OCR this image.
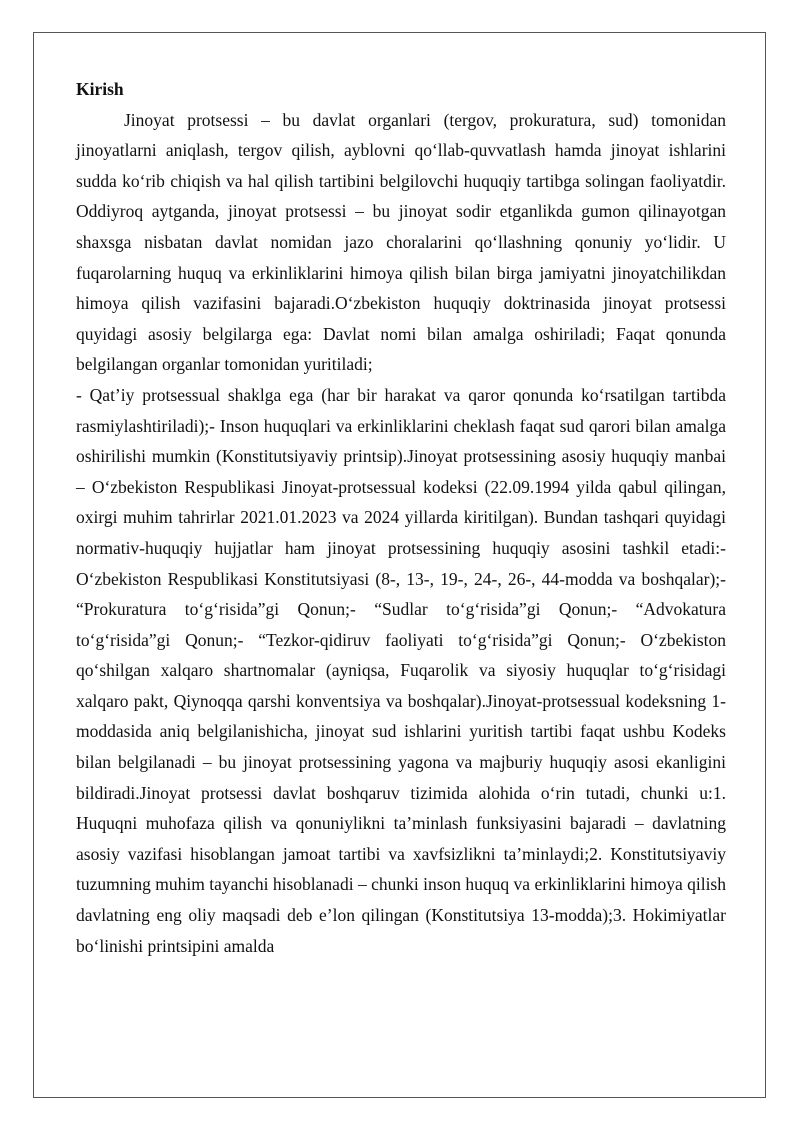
Kirish

Jinoyat protsessi – bu davlat organlari (tergov, prokuratura, sud) tomonidan jinoyatlarni aniqlash, tergov qilish, ayblovni qo‘llab-quvvatlash hamda jinoyat ishlarini sudda ko‘rib chiqish va hal qilish tartibini belgilovchi huquqiy tartibga solingan faoliyatdir. Oddiyroq aytganda, jinoyat protsessi – bu jinoyat sodir etganlikda gumon qilinayotgan shaxsga nisbatan davlat nomidan jazo choralarini qo‘llashning qonuniy yo‘lidir. U fuqarolarning huquq va erkinliklarini himoya qilish bilan birga jamiyatni jinoyatchilikdan himoya qilish vazifasini bajaradi.O‘zbekiston huquqiy doktrinasida jinoyat protsessi quyidagi asosiy belgilarga ega: Davlat nomi bilan amalga oshiriladi; Faqat qonunda belgilangan organlar tomonidan yuritiladi;

- Qat’iy protsessual shaklga ega (har bir harakat va qaror qonunda ko‘rsatilgan tartibda rasmiylashtiriladi);- Inson huquqlari va erkinliklarini cheklash faqat sud qarori bilan amalga oshirilishi mumkin (Konstitutsiyaviy printsip).Jinoyat protsessining asosiy huquqiy manbai – O‘zbekiston Respublikasi Jinoyat-protsessual kodeksi (22.09.1994 yilda qabul qilingan, oxirgi muhim tahrirlar 2021.01.2023 va 2024 yillarda kiritilgan). Bundan tashqari quyidagi normativ-huquqiy hujjatlar ham jinoyat protsessining huquqiy asosini tashkil etadi:- O‘zbekiston Respublikasi Konstitutsiyasi (8-, 13-, 19-, 24-, 26-, 44-modda va boshqalar);- “Prokuratura to‘g‘risida”gi Qonun;- “Sudlar to‘g‘risida”gi Qonun;- “Advokatura to‘g‘risida”gi Qonun;- “Tezkor-qidiruv faoliyati to‘g‘risida”gi Qonun;- O‘zbekiston qo‘shilgan xalqaro shartnomalar (ayniqsa, Fuqarolik va siyosiy huquqlar to‘g‘risidagi xalqaro pakt, Qiynoqqa qarshi konventsiya va boshqalar).Jinoyat-protsessual kodeksning 1-moddasida aniq belgilanishicha, jinoyat sud ishlarini yuritish tartibi faqat ushbu Kodeks bilan belgilanadi – bu jinoyat protsessining yagona va majburiy huquqiy asosi ekanligini bildiradi.Jinoyat protsessi davlat boshqaruv tizimida alohida o‘rin tutadi, chunki u:1. Huquqni muhofaza qilish va qonuniylikni ta’minlash funksiyasini bajaradi – davlatning asosiy vazifasi hisoblangan jamoat tartibi va xavfsizlikni ta’minlaydi;2. Konstitutsiyaviy tuzumning muhim tayanchi hisoblanadi – chunki inson huquq va erkinliklarini himoya qilish davlatning eng oliy maqsadi deb e’lon qilingan (Konstitutsiya 13-modda);3. Hokimiyatlar bo‘linishi printsipini amalda
